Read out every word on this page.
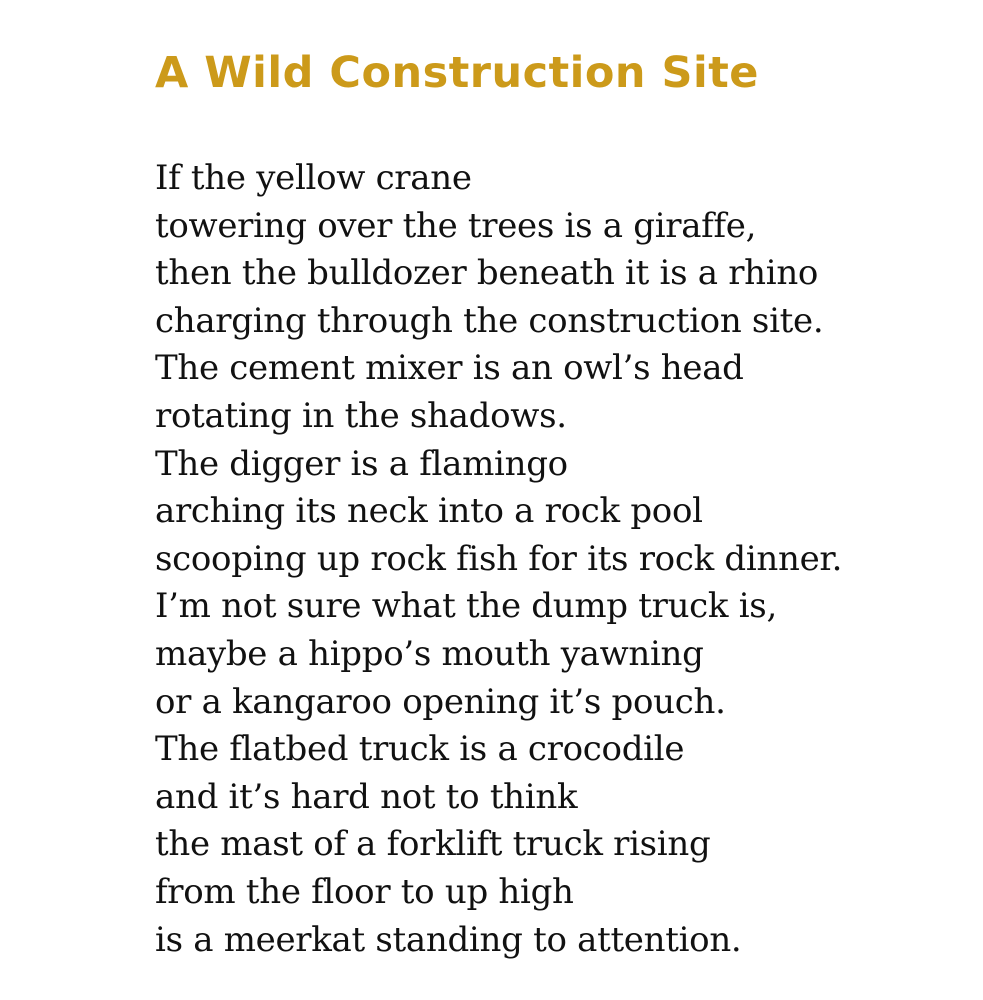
A Wild Construction Site
If the yellow crane
towering over the trees is a giraffe,
then the bulldozer beneath it is a rhino
charging through the construction site.
The cement mixer is an owl’s head
rotating in the shadows.
The digger is a flamingo
arching its neck into a rock pool
scooping up rock fish for its rock dinner.
I’m not sure what the dump truck is,
maybe a hippo’s mouth yawning
or a kangaroo opening it’s pouch.
The flatbed truck is a crocodile
and it’s hard not to think
the mast of a forklift truck rising
from the floor to up high
is a meerkat standing to attention.
